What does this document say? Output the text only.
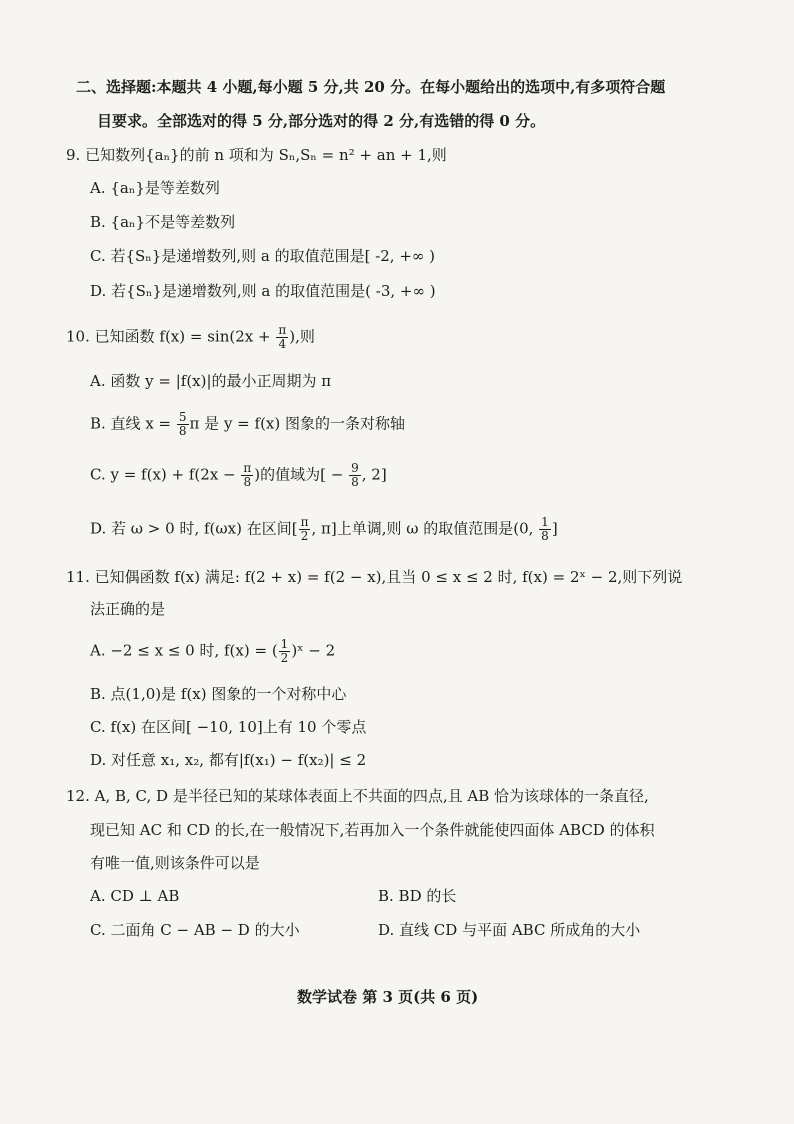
二、选择题:本题共 4 小题,每小题 5 分,共 20 分。在每小题给出的选项中,有多项符合题
目要求。全部选对的得 5 分,部分选对的得 2 分,有选错的得 0 分。
9. 已知数列{aₙ}的前 n 项和为 Sₙ,Sₙ = n² + an + 1,则
A. {aₙ}是等差数列
B. {aₙ}不是等差数列
C. 若{Sₙ}是递增数列,则 a 的取值范围是[ -2, +∞ )
D. 若{Sₙ}是递增数列,则 a 的取值范围是( -3, +∞ )
10. 已知函数 $f(x) = \sin(2x + \frac{\pi}{4}$ ),则
A. 函数 y = |f(x)|的最小正周期为 π
B. 直线 $x = \frac{5}{8}$ π 是 y = f(x) 图象的一条对称轴
C. $y = f(x) + f(2x - \frac{\pi}{8}$ )的值域为[ − $\frac{9}{8}$ , 2]
D. 若 ω > 0 时, f(ωx) 在区间[ $\frac{\pi}{2}$ , π]上单调,则 ω 的取值范围是(0, $\frac{1}{8}$ ]
11. 已知偶函数 f(x) 满足: f(2 + x) = f(2 − x),且当 0 ≤ x ≤ 2 时, f(x) = 2ˣ − 2,则下列说
法正确的是
A. −2 ≤ x ≤ 0 时, f(x) = ( $\frac{1}{2}$ )ˣ − 2
B. 点(1,0)是 f(x) 图象的一个对称中心
C. f(x) 在区间[ −10, 10]上有 10 个零点
D. 对任意 x₁, x₂, 都有|f(x₁) − f(x₂)| ≤ 2
12. A, B, C, D 是半径已知的某球体表面上不共面的四点,且 AB 恰为该球体的一条直径,
现已知 AC 和 CD 的长,在一般情况下,若再加入一个条件就能使四面体 ABCD 的体积
有唯一值,则该条件可以是
A. CD ⊥ AB	B. BD 的长
C. 二面角 C − AB − D 的大小	D. 直线 CD 与平面 ABC 所成角的大小
数学试卷 第 3 页(共 6 页)
